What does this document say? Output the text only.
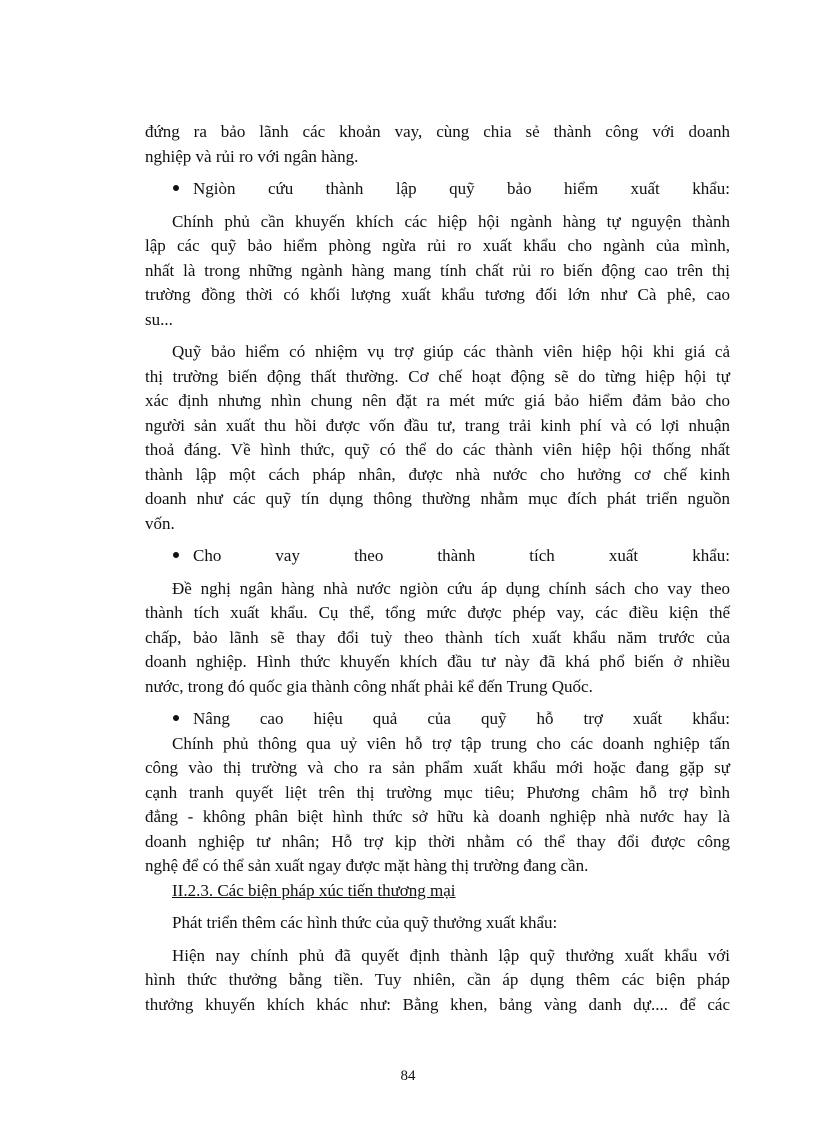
đứng ra bảo lãnh các khoản vay, cùng chia sẻ thành công với doanh
nghiệp và rủi ro với ngân hàng.
Ngiòn cứu thành lập quỹ bảo hiểm xuất khẩu:
Chính phủ cần khuyến khích các hiệp hội ngành hàng tự nguyện thành
lập các quỹ bảo hiểm phòng ngừa rủi ro xuất khẩu cho ngành của mình,
nhất là trong những ngành hàng mang tính chất rủi ro biến động cao trên thị
trường đồng thời có khối lượng xuất khẩu tương đối lớn như Cà phê, cao
su...
Quỹ bảo hiểm có nhiệm vụ trợ giúp các thành viên hiệp hội khi giá cả
thị trường biến động thất thường. Cơ chế hoạt động sẽ do từng hiệp hội tự
xác định nhưng nhìn chung nên đặt ra mét mức giá bảo hiểm đảm bảo cho
người sản xuất thu hồi được vốn đầu tư, trang trải kinh phí và có lợi nhuận
thoả đáng. Về hình thức, quỹ có thể do các thành viên hiệp hội thống nhất
thành lập một cách pháp nhân, được nhà nước cho hưởng cơ chế kinh
doanh như các quỹ tín dụng thông thường nhằm mục đích phát triển nguồn
vốn.
Cho vay theo thành tích xuất khẩu:
Đề nghị ngân hàng nhà nước ngiòn cứu áp dụng chính sách cho vay theo
thành tích xuất khẩu. Cụ thể, tổng mức được phép vay, các điều kiện thế
chấp, bảo lãnh sẽ thay đổi tuỳ theo thành tích xuất khẩu năm trước của
doanh nghiệp. Hình thức khuyến khích đầu tư này đã khá phổ biến ở nhiều
nước, trong đó quốc gia thành công nhất phải kể đến Trung Quốc.
Nâng cao hiệu quả của quỹ hỗ trợ xuất khẩu:
Chính phủ thông qua uỷ viên hỗ trợ tập trung cho các doanh nghiệp tấn
công vào thị trường và cho ra sản phẩm xuất khẩu mới hoặc đang gặp sự
cạnh tranh quyết liệt trên thị trường mục tiêu; Phương châm hỗ trợ bình
đẳng - không phân biệt hình thức sở hữu kà doanh nghiệp nhà nước hay là
doanh nghiệp tư nhân; Hỗ trợ kịp thời nhằm có thể thay đổi được công
nghệ để có thể sản xuất ngay được mặt hàng thị trường đang cần.
II.2.3. Các biện pháp xúc tiến thương mại
Phát triển thêm các hình thức của quỹ thưởng xuất khẩu:
Hiện nay chính phủ đã quyết định thành lập quỹ thưởng xuất khẩu với
hình thức thưởng bằng tiền. Tuy nhiên, cần áp dụng thêm các biện pháp
thưởng khuyến khích khác như: Bằng khen, bảng vàng danh dự.... để các
84
